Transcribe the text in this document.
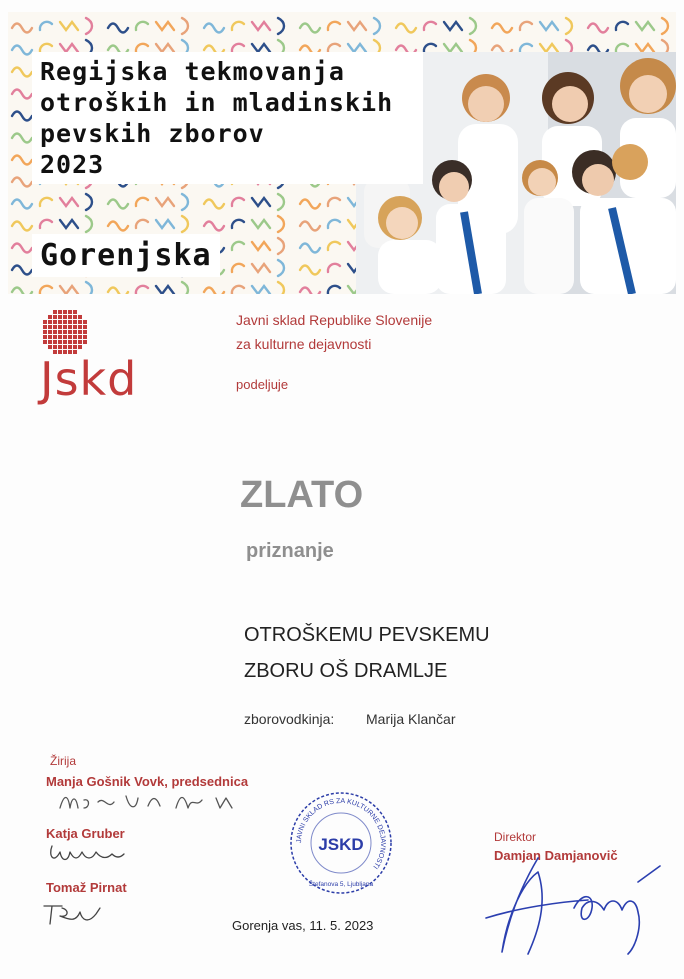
Regijska tekmovanja
otroških in mladinskih
pevskih zborov
2023
Gorenjska
Jskd
Javni sklad Republike Slovenije
za kulturne dejavnosti
podeljuje
ZLATO
priznanje
OTROŠKEMU PEVSKEMU
ZBORU OŠ DRAMLJE
zborovodkinja: Marija Klančar
Žirija
Manja Gošnik Vovk, predsednica
Katja Gruber
Tomaž Pirnat
JAVNI SKLAD RS ZA KULTURNE DEJAVNOSTI
JSKD
Štefanova 5, Ljubljana
Direktor
Damjan Damjanovič
Gorenja vas, 11. 5. 2023
